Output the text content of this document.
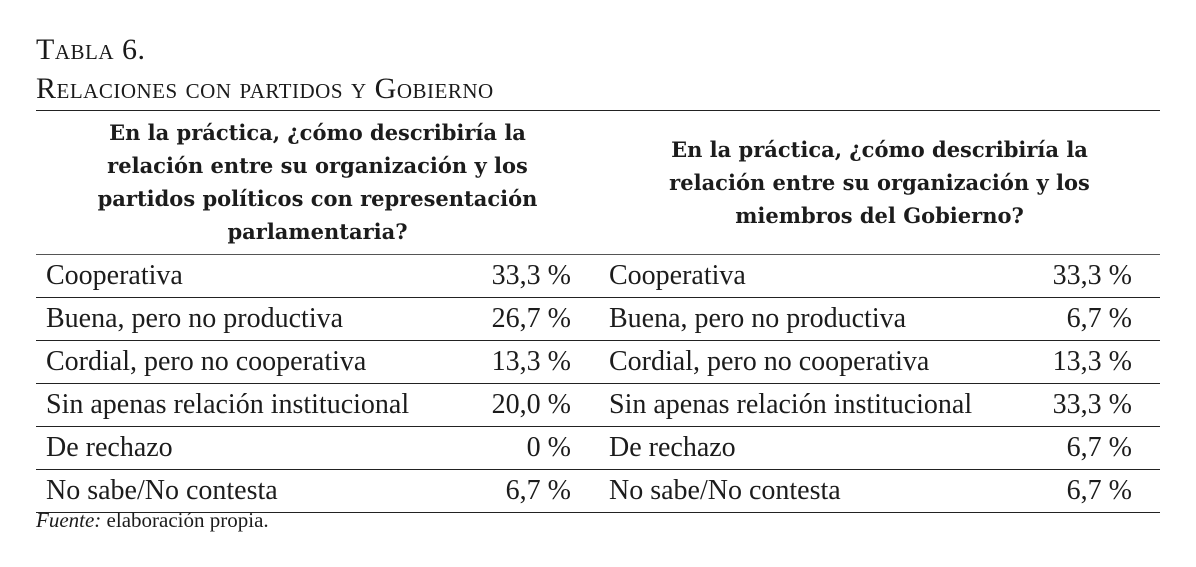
Tabla 6.
Relaciones con partidos y Gobierno
En la práctica, ¿cómo describiría la relación entre su organización y los partidos políticos con representación parlamentaria?

En la práctica, ¿cómo describiría la relación entre su organización y los miembros del Gobierno?

Cooperativa	33,3 %	Cooperativa	33,3 %
Buena, pero no productiva	26,7 %	Buena, pero no productiva	6,7 %
Cordial, pero no cooperativa	13,3 %	Cordial, pero no cooperativa	13,3 %
Sin apenas relación institucional	20,0 %	Sin apenas relación institucional	33,3 %
De rechazo	0 %	De rechazo	6,7 %
No sabe/No contesta	6,7 %	No sabe/No contesta	6,7 %
Fuente: elaboración propia.
